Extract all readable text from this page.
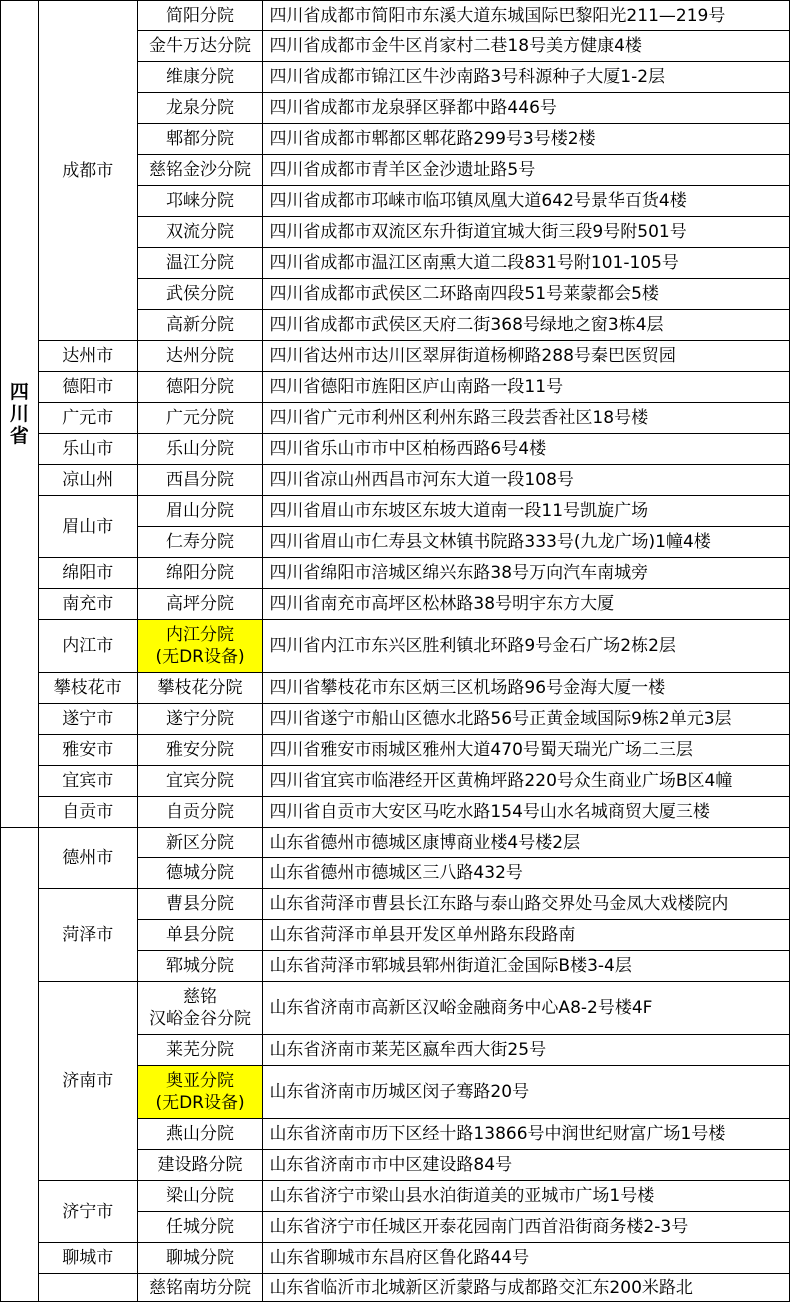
四
川
省	成都市	简阳分院	四川省成都市简阳市东溪大道东城国际巴黎阳光211—219号
		金牛万达分院	四川省成都市金牛区肖家村二巷18号美方健康4楼
		维康分院	四川省成都市锦江区牛沙南路3号科源种子大厦1-2层
		龙泉分院	四川省成都市龙泉驿区驿都中路446号
		郫都分院	四川省成都市郫都区郫花路299号3号楼2楼
		慈铭金沙分院	四川省成都市青羊区金沙遗址路5号
		邛崃分院	四川省成都市邛崃市临邛镇凤凰大道642号景华百货4楼
		双流分院	四川省成都市双流区东升街道宜城大街三段9号附501号
		温江分院	四川省成都市温江区南熏大道二段831号附101-105号
		武侯分院	四川省成都市武侯区二环路南四段51号莱蒙都会5楼
		高新分院	四川省成都市武侯区天府二街368号绿地之窗3栋4层
	达州市	达州分院	四川省达州市达川区翠屏街道杨柳路288号秦巴医贸园
	德阳市	德阳分院	四川省德阳市旌阳区庐山南路一段11号
	广元市	广元分院	四川省广元市利州区利州东路三段芸香社区18号楼
	乐山市	乐山分院	四川省乐山市市中区柏杨西路6号4楼
	凉山州	西昌分院	四川省凉山州西昌市河东大道一段108号
	眉山市	眉山分院	四川省眉山市东坡区东坡大道南一段11号凯旋广场
		仁寿分院	四川省眉山市仁寿县文林镇书院路333号(九龙广场)1幢4楼
	绵阳市	绵阳分院	四川省绵阳市涪城区绵兴东路38号万向汽车南城旁
	南充市	高坪分院	四川省南充市高坪区松林路38号明宇东方大厦
	内江市	内江分院
(无DR设备)	四川省内江市东兴区胜利镇北环路9号金石广场2栋2层
	攀枝花市	攀枝花分院	四川省攀枝花市东区炳三区机场路96号金海大厦一楼
	遂宁市	遂宁分院	四川省遂宁市船山区德水北路56号正黄金域国际9栋2单元3层
	雅安市	雅安分院	四川省雅安市雨城区雅州大道470号蜀天瑞光广场二三层
	宜宾市	宜宾分院	四川省宜宾市临港经开区黄桷坪路220号众生商业广场B区4幢
	自贡市	自贡分院	四川省自贡市大安区马吃水路154号山水名城商贸大厦三楼
	德州市	新区分院	山东省德州市德城区康博商业楼4号楼2层
		德城分院	山东省德州市德城区三八路432号
	菏泽市	曹县分院	山东省菏泽市曹县长江东路与泰山路交界处马金凤大戏楼院内
		单县分院	山东省菏泽市单县开发区单州路东段路南
		郓城分院	山东省菏泽市郓城县郓州街道汇金国际B楼3-4层
	济南市	慈铭
汉峪金谷分院	山东省济南市高新区汉峪金融商务中心A8-2号楼4F
		莱芜分院	山东省济南市莱芜区嬴牟西大街25号

		奥亚分院
(无DR设备)	山东省济南市历城区闵子骞路20号
		燕山分院	山东省济南市历下区经十路13866号中润世纪财富广场1号楼
		建设路分院	山东省济南市市中区建设路84号
	济宁市	梁山分院	山东省济宁市梁山县水泊街道美的亚城市广场1号楼
		任城分院	山东省济宁市任城区开泰花园南门西首沿街商务楼2-3号
	聊城市	聊城分院	山东省聊城市东昌府区鲁化路44号
		慈铭南坊分院	山东省临沂市北城新区沂蒙路与成都路交汇东200米路北
